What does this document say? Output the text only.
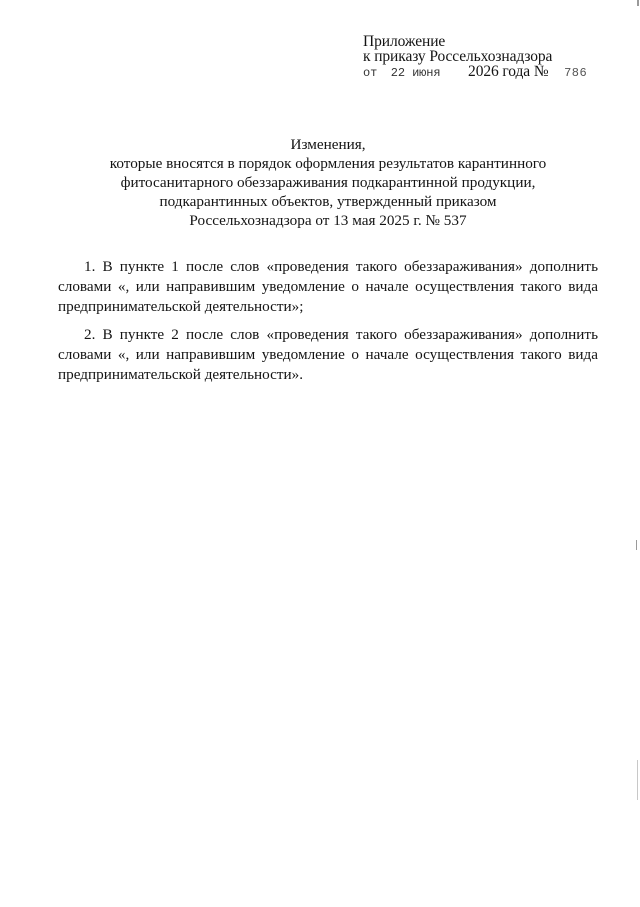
Приложение
к приказу Россельхознадзора
от 22 июня 2026 года № 786
Изменения,
которые вносятся в порядок оформления результатов карантинного
фитосанитарного обеззараживания подкарантинной продукции,
подкарантинных объектов, утвержденный приказом
Россельхознадзора от 13 мая 2025 г. № 537
1. В пункте 1 после слов «проведения такого обеззараживания» дополнить
словами «, или направившим уведомление о начале осуществления такого вида
предпринимательской деятельности»;
2. В пункте 2 после слов «проведения такого обеззараживания» дополнить
словами «, или направившим уведомление о начале осуществления такого вида
предпринимательской деятельности».
